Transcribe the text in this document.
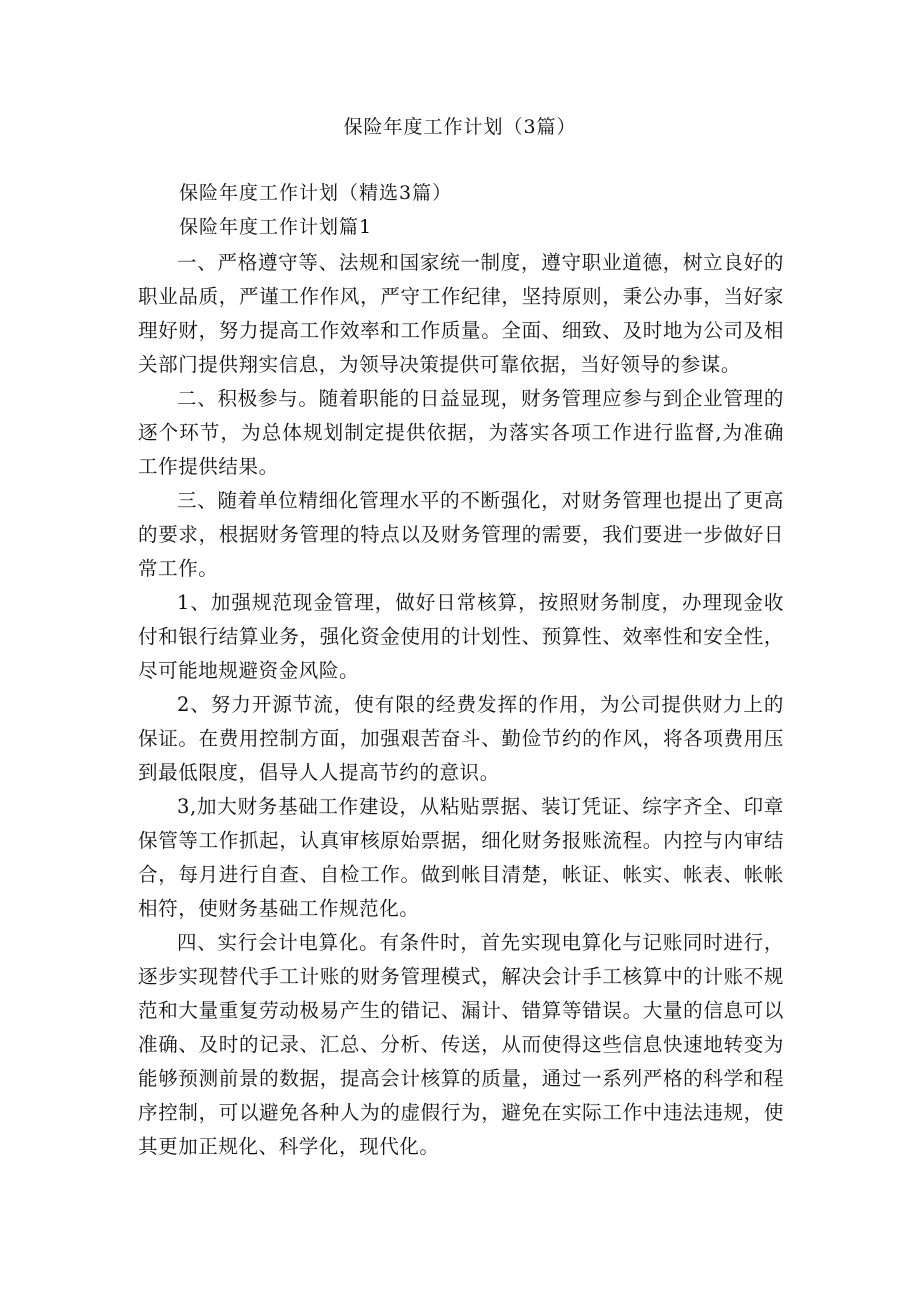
保险年度工作计划（3篇）
保险年度工作计划（精选3篇）
保险年度工作计划篇1

一、严格遵守等、法规和国家统一制度，遵守职业道德，树立良好的职业品质，严谨工作作风，严守工作纪律，坚持原则，秉公办事，当好家理好财，努力提高工作效率和工作质量。全面、细致、及时地为公司及相关部门提供翔实信息，为领导决策提供可靠依据，当好领导的参谋。

二、积极参与。随着职能的日益显现，财务管理应参与到企业管理的逐个环节，为总体规划制定提供依据，为落实各项工作进行监督,为准确工作提供结果。

三、随着单位精细化管理水平的不断强化，对财务管理也提出了更高的要求，根据财务管理的特点以及财务管理的需要，我们要进一步做好日常工作。

1、加强规范现金管理，做好日常核算，按照财务制度，办理现金收付和银行结算业务，强化资金使用的计划性、预算性、效率性和安全性，尽可能地规避资金风险。

2、努力开源节流，使有限的经费发挥的作用，为公司提供财力上的保证。在费用控制方面，加强艰苦奋斗、勤俭节约的作风，将各项费用压到最低限度，倡导人人提高节约的意识。

3,加大财务基础工作建设，从粘贴票据、装订凭证、综字齐全、印章保管等工作抓起，认真审核原始票据，细化财务报账流程。内控与内审结合，每月进行自查、自检工作。做到帐目清楚，帐证、帐实、帐表、帐帐相符，使财务基础工作规范化。

四、实行会计电算化。有条件时，首先实现电算化与记账同时进行，逐步实现替代手工计账的财务管理模式，解决会计手工核算中的计账不规范和大量重复劳动极易产生的错记、漏计、错算等错误。大量的信息可以准确、及时的记录、汇总、分析、传送，从而使得这些信息快速地转变为能够预测前景的数据，提高会计核算的质量，通过一系列严格的科学和程序控制，可以避免各种人为的虚假行为，避免在实际工作中违法违规，使其更加正规化、科学化，现代化。
